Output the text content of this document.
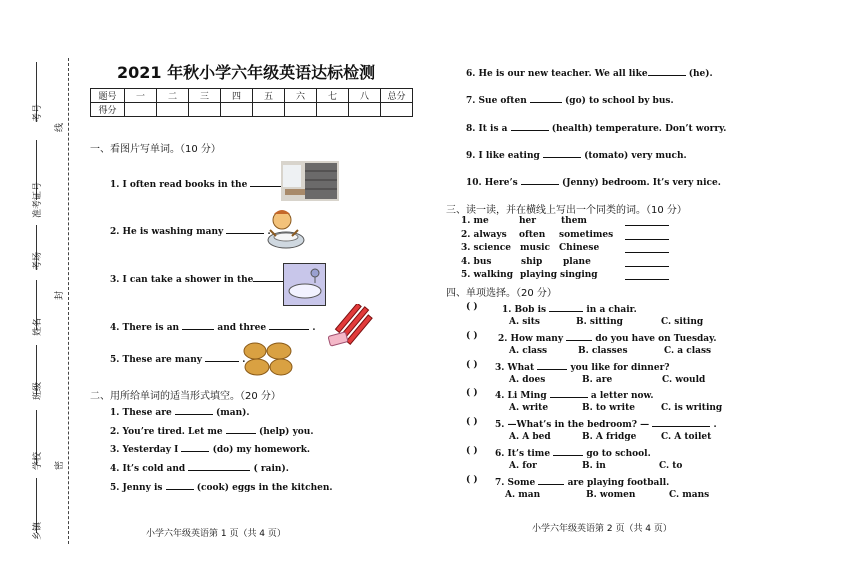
考号
线
准考证号
考场
封
姓名
班级
学校	密
乡镇
2021 年秋小学六年级英语达标检测
题号	一	二	三	四	五	六	七	八	总分
得分									
一、看图片写单词。（10 分）
1. I often read books in the
2. He is washing many	.
3. I can take a shower in the
4. There is an	and three	.
5. These are many	.
二、用所给单词的适当形式填空。（20 分）
1. These are	(man).
2. You’re tired. Let me	(help) you.
3. Yesterday I	(do) my homework.
4. It’s cold and	( rain).
5. Jenny is	(cook) eggs in the kitchen.
小学六年级英语第 1 页（共 4 页）
6. He is our new teacher. We all like	(he).
7. Sue often	(go) to school by bus.
8. It is a	(health) temperature. Don’t worry.
9. I like eating	(tomato) very much.
10. Here’s	(Jenny) bedroom. It’s very nice.
三、读一读，并在横线上写出一个同类的词。（10 分）
1. me	her	them
2. always often sometimes
3. science music Chinese
4. bus	ship plane
5. walking playing singing
四、单项选择。（20 分）
( )	1. Bob is	in a chair.
A. sits	B. sitting	C. siting
( ) 2. How many	do you have on Tuesday.
A. class	B. classes	C. a class
( ) 3. What	you like for dinner?
A. does	B. are	C. would
( ) 4. Li Ming	a letter now.
A. write	B. to write	C. is writing
( ) 5. —What’s in the bedroom? —	.
A. A bed	B. A fridge	C. A toilet
( ) 6. It’s time	go to school.
A. for	B. in	C. to
( ) 7. Some	are playing football.
A. man	B. women	C. mans
小学六年级英语第 2 页（共 4 页）
